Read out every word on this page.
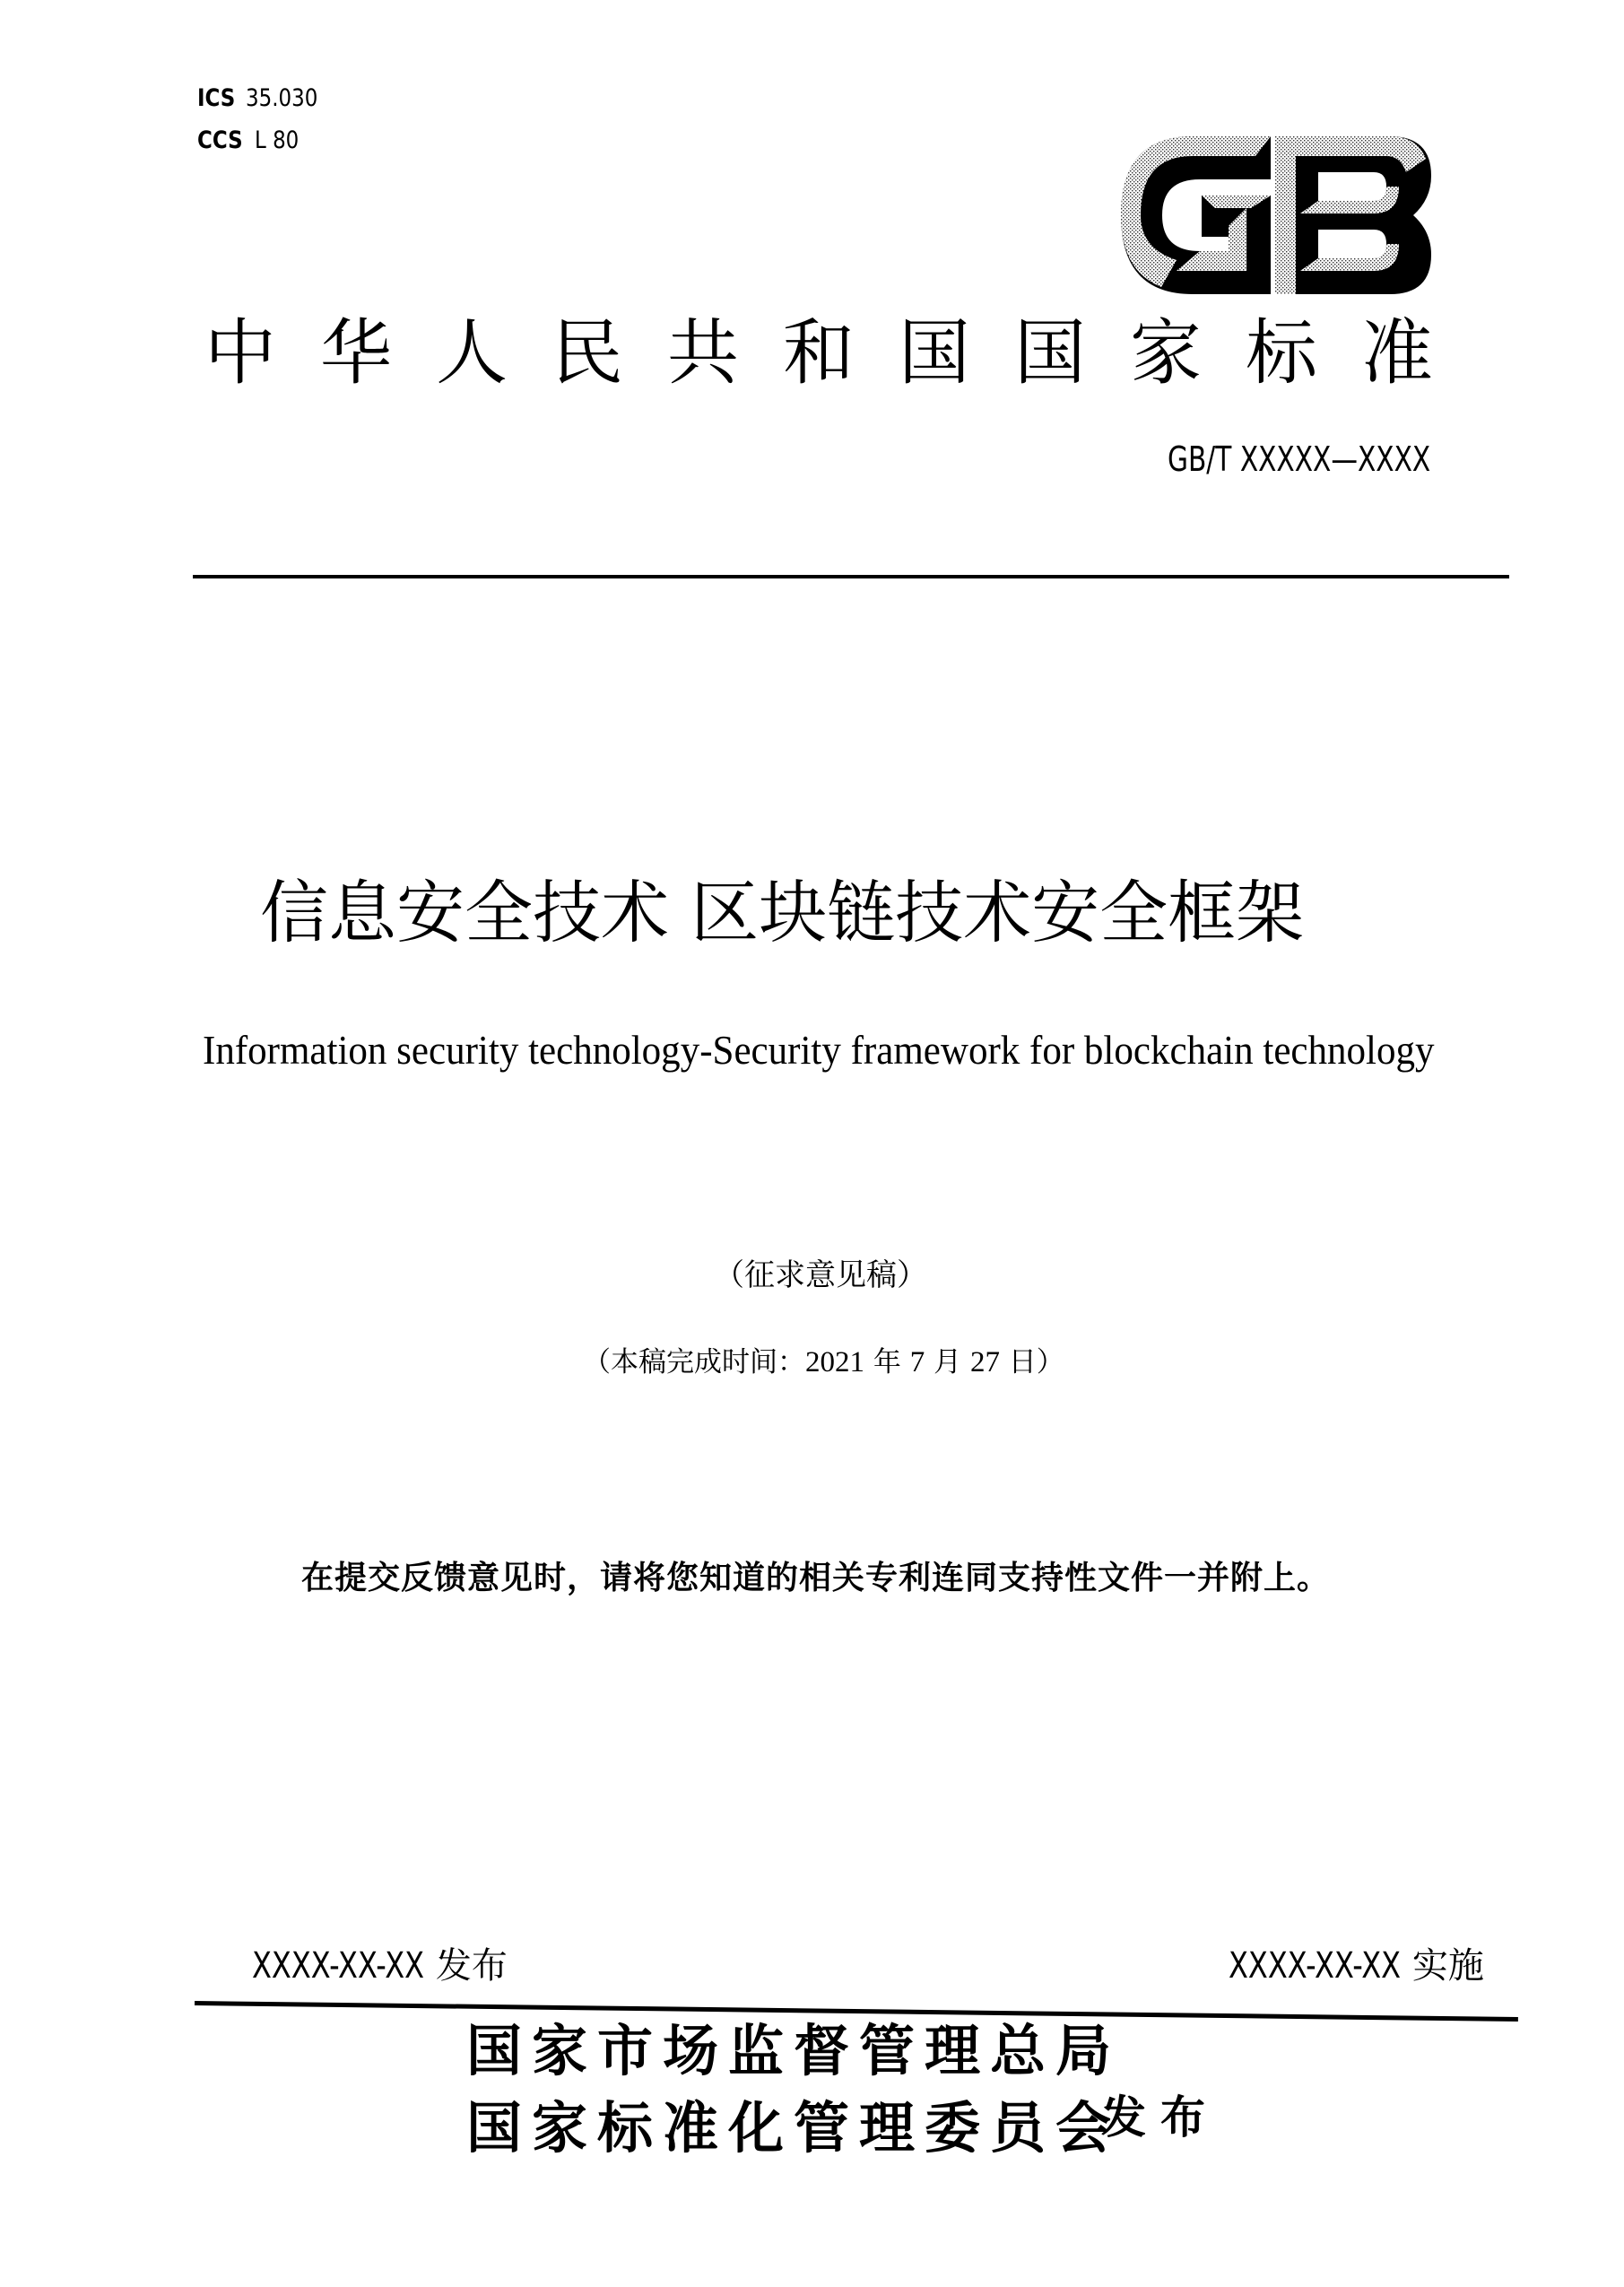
ICS 35.030
CCS L 80
中华人民共和国国家标准
GB/T XXXXX—XXXX
信息安全技术 区块链技术安全框架
Information security technology-Security framework for blockchain technology
（征求意见稿）
（本稿完成时间：2021 年 7 月 27 日）
在提交反馈意见时，请将您知道的相关专利连同支持性文件一并附上。
XXXX-XX-XX 发布	XXXX-XX-XX 实施
国家市场监督管理总局
国家标准化管理委员会
发布
